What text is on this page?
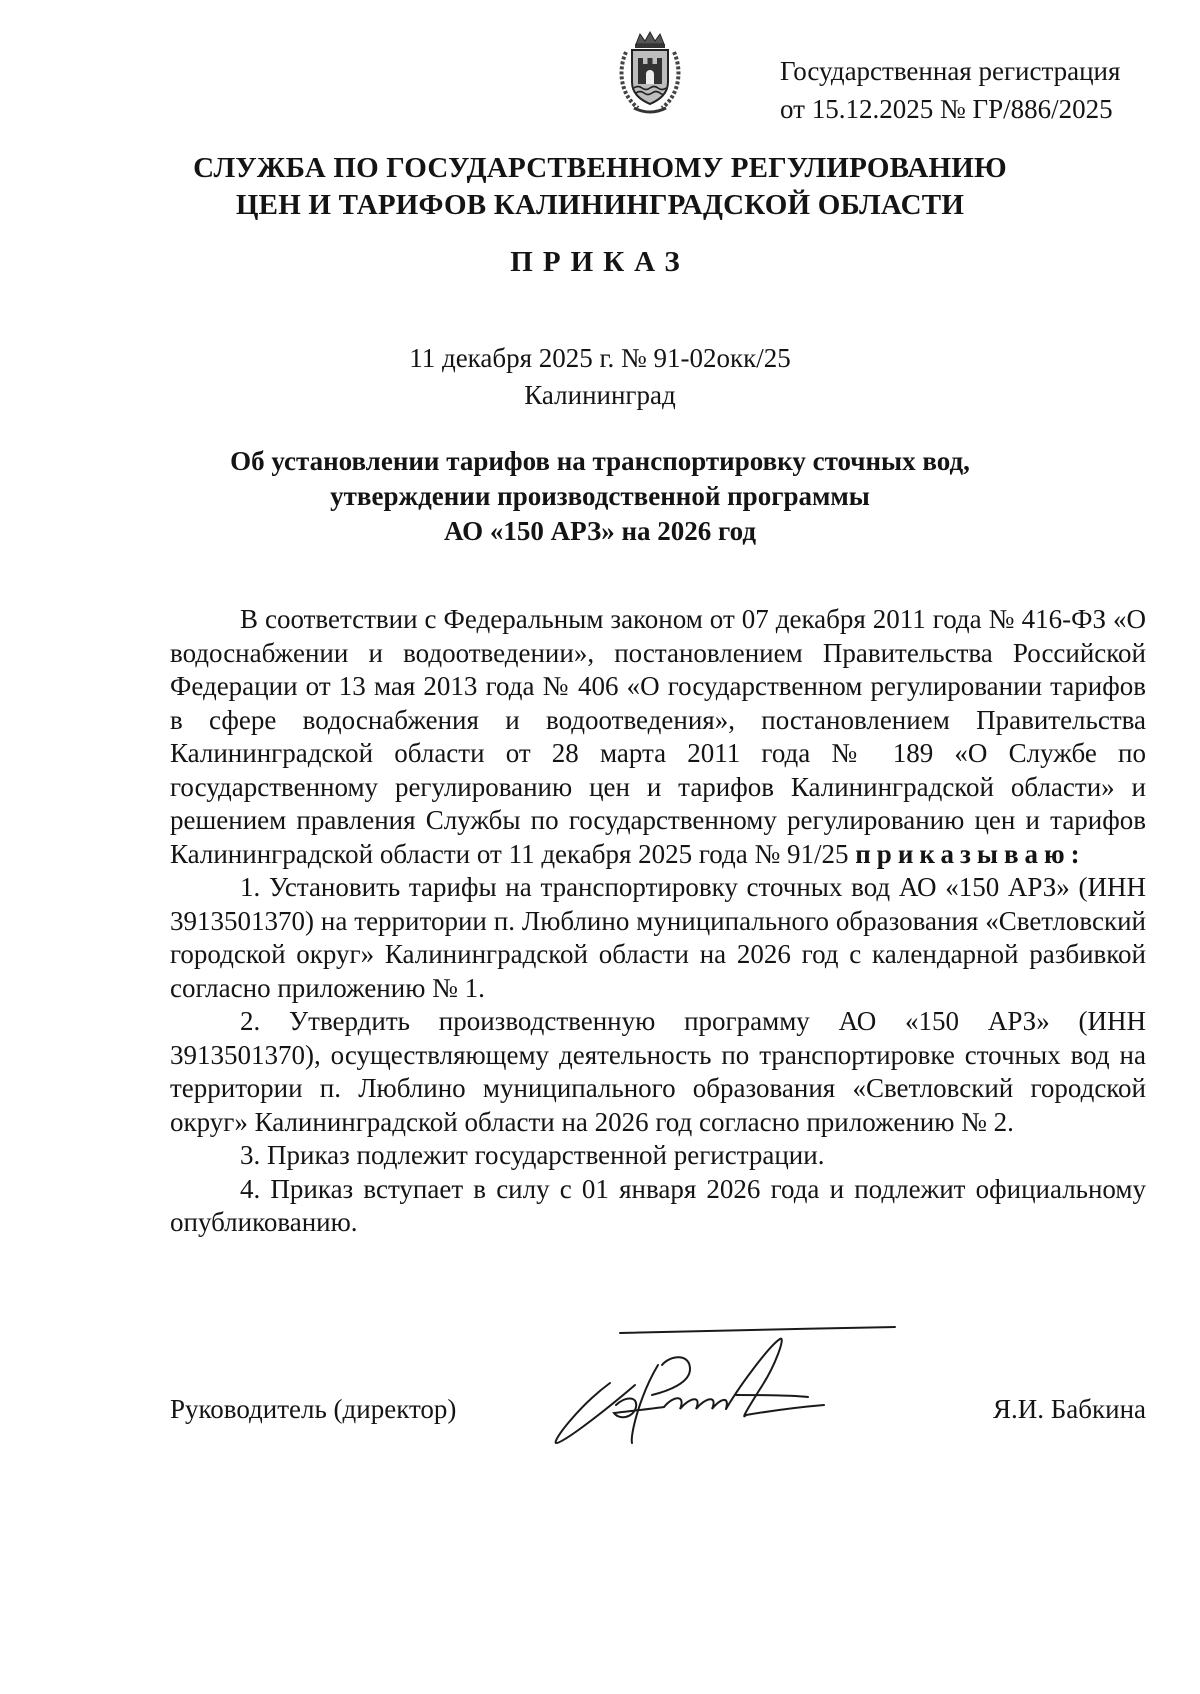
Государственная регистрация
от 15.12.2025 № ГР/886/2025
СЛУЖБА ПО ГОСУДАРСТВЕННОМУ РЕГУЛИРОВАНИЮ
ЦЕН И ТАРИФОВ КАЛИНИНГРАДСКОЙ ОБЛАСТИ
ПРИКАЗ
11 декабря 2025 г. № 91-02окк/25
Калининград
Об установлении тарифов на транспортировку сточных вод,
утверждении производственной программы
АО «150 АРЗ» на 2026 год

В соответствии с Федеральным законом от 07 декабря 2011 года № 416-ФЗ «О водоснабжении и водоотведении», постановлением Правительства Российской Федерации от 13 мая 2013 года № 406 «О государственном регулировании тарифов в сфере водоснабжения и водоотведения», постановлением Правительства Калининградской области от 28 марта 2011 года № 189 «О Службе по государственному регулированию цен и тарифов Калининградской области» и решением правления Службы по государственному регулированию цен и тарифов Калининградской области от 11 декабря 2025 года № 91/25 приказываю:

1. Установить тарифы на транспортировку сточных вод АО «150 АРЗ» (ИНН 3913501370) на территории п. Люблино муниципального образования «Светловский городской округ» Калининградской области на 2026 год с календарной разбивкой согласно приложению № 1.

2. Утвердить производственную программу АО «150 АРЗ» (ИНН 3913501370), осуществляющему деятельность по транспортировке сточных вод на территории п. Люблино муниципального образования «Светловский городской округ» Калининградской области на 2026 год согласно приложению № 2.

3. Приказ подлежит государственной регистрации.

4. Приказ вступает в силу с 01 января 2026 года и подлежит официальному опубликованию.

Руководитель (директор)	Я.И. Бабкина
